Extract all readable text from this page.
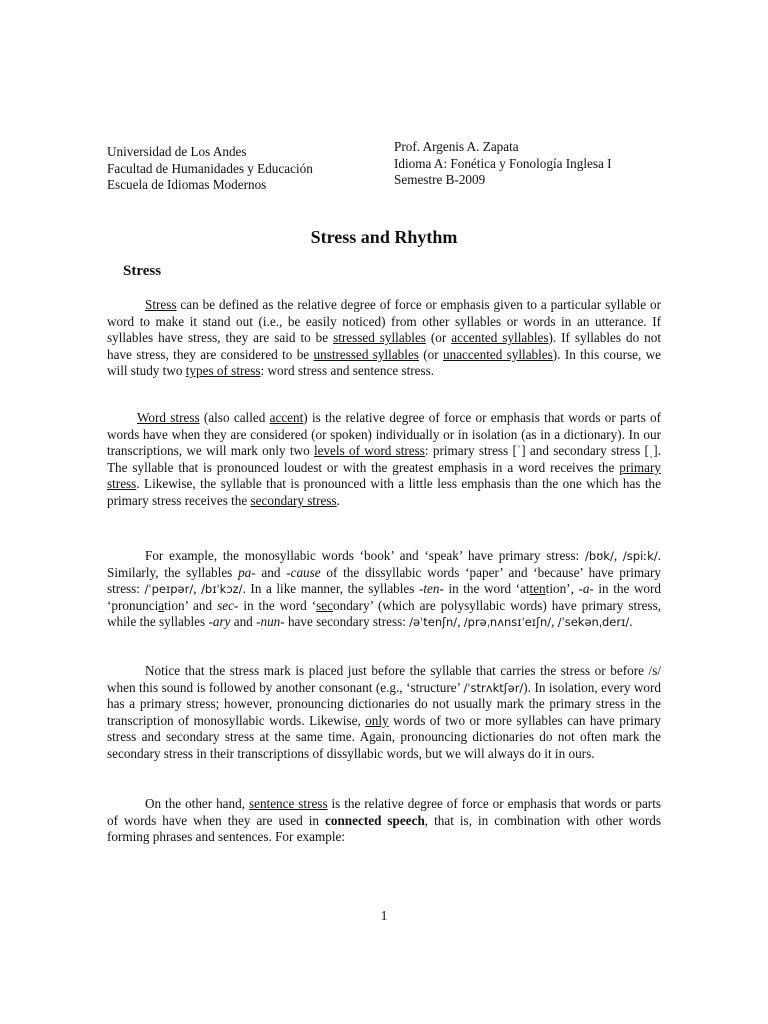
Universidad de Los Andes
Facultad de Humanidades y Educación
Escuela de Idiomas Modernos
Prof. Argenis A. Zapata
Idioma A: Fonética y Fonología Inglesa I
Semestre B-2009
Stress and Rhythm
Stress

Stress can be defined as the relative degree of force or emphasis given to a particular syllable or word to make it stand out (i.e., be easily noticed) from other syllables or words in an utterance. If syllables have stress, they are said to be stressed syllables (or accented syllables). If syllables do not have stress, they are considered to be unstressed syllables (or unaccented syllables). In this course, we will study two types of stress: word stress and sentence stress.

Word stress (also called accent) is the relative degree of force or emphasis that words or parts of words have when they are considered (or spoken) individually or in isolation (as in a dictionary). In our transcriptions, we will mark only two levels of word stress: primary stress [ˈ] and secondary stress [ˌ]. The syllable that is pronounced loudest or with the greatest emphasis in a word receives the primary stress. Likewise, the syllable that is pronounced with a little less emphasis than the one which has the primary stress receives the secondary stress.

For example, the monosyllabic words ‘book’ and ‘speak’ have primary stress: /bʊk/, /spiːk/. Similarly, the syllables pa- and -cause of the dissyllabic words ‘paper’ and ‘because’ have primary stress: /ˈpeɪpər/, /bɪˈkɔz/. In a like manner, the syllables -ten- in the word ‘attention’, -a- in the word ‘pronunciation’ and sec- in the word ‘secondary’ (which are polysyllabic words) have primary stress, while the syllables -ary and -nun- have secondary stress: /əˈtenʃn/, /prəˌnʌnsɪˈeɪʃn/, /ˈsekənˌderɪ/.

Notice that the stress mark is placed just before the syllable that carries the stress or before /s/ when this sound is followed by another consonant (e.g., ‘structure’ /ˈstrʌktʃər/). In isolation, every word has a primary stress; however, pronouncing dictionaries do not usually mark the primary stress in the transcription of monosyllabic words. Likewise, only words of two or more syllables can have primary stress and secondary stress at the same time. Again, pronouncing dictionaries do not often mark the secondary stress in their transcriptions of dissyllabic words, but we will always do it in ours.

On the other hand, sentence stress is the relative degree of force or emphasis that words or parts of words have when they are used in connected speech, that is, in combination with other words forming phrases and sentences. For example:

1
